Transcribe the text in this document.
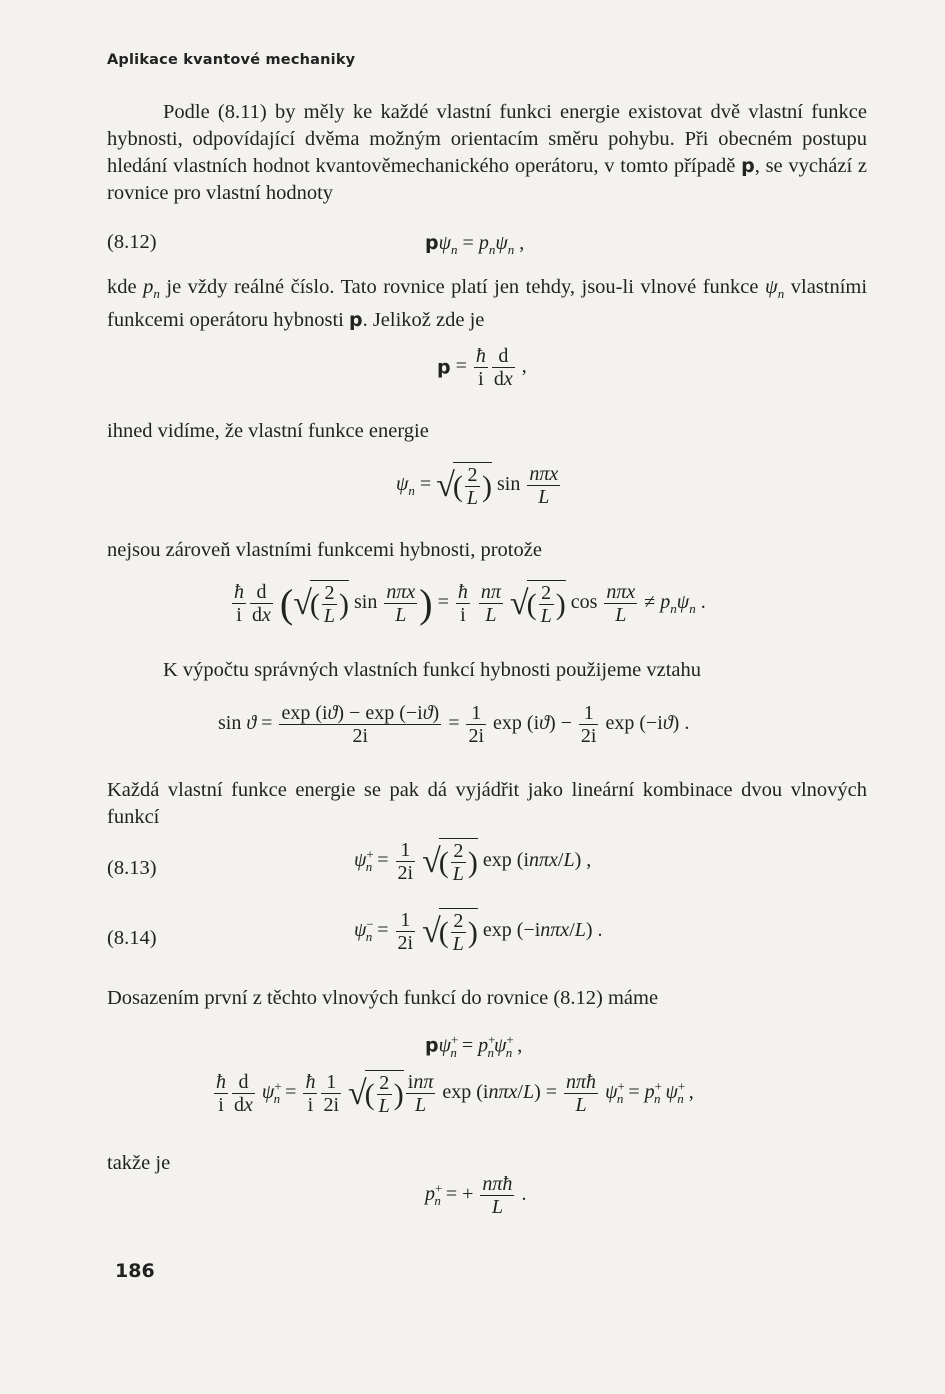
Aplikace kvantové mechaniky
Podle (8.11) by měly ke každé vlastní funkci energie existovat dvě vlastní funkce hybnosti, odpovídající dvěma možným orientacím směru pohybu. Při obecném postupu hledání vlastních hodnot kvantověmechanického operátoru, v tomto případě p, se vychází z rovnice pro vlastní hodnoty
(8.12)	$p\psi_n = p_n\psi_n$ ,
kde $p_n$ je vždy reálné číslo. Tato rovnice platí jen tehdy, jsou-li vlnové funkce $\psi_n$ vlastními funkcemi operátoru hybnosti p. Jelikož zde je
$p = \frac{ħ}{i} \frac{d}{dx}$ ,
ihned vidíme, že vlastní funkce energie
$\psi_n$ = √( $\frac{2}{L}$ ) $\sin \frac{\text{nπx}}{L}$
nejsou zároveň vlastními funkcemi hybnosti, protože
$\frac{ħ}{i} \frac{d}{dx}$ (√( $\frac{2}{L}$ ) $\sin \frac{\text{nπx}}{L}$ ) = $\frac{ħ}{i}$
$\frac{n\pi}{L}$ √( $\frac{2}{L}$ ) $\cos \frac{\text{nπx}}{L} \ne p_n\psi_n$ .
K výpočtu správných vlastních funkcí hybnosti použijeme vztahu
$\sin ϑ = \frac{\exp (iϑ) - \exp (-iϑ)}{2i} = \frac{1}{2i}$ $\exp (iϑ) - \frac{1}{2i}$ exp (−iϑ) .
Každá vlastní funkce energie se pak dá vyjádřit jako lineární kombinace dvou vlnových funkcí
(8.13)	$\psi^+_n = \frac{1}{2i}$ √( $\frac{2}{L}$ ) exp (inπx/L) ,
(8.14)	$\psi^-_n = \frac{1}{2i}$ √( $\frac{2}{L}$ ) exp (−inπx/L) .
Dosazením první z těchto vlnových funkcí do rovnice (8.12) máme
$p\psi^+_n = p^+_n\psi^+_n$ ,
$\frac{ħ}{i} \frac{d}{dx} \psi^+_n = \frac{ħ}{i} \frac{1}{2i}$ √( $\frac{2}{L}$ ) $\frac{\text{inπ}}{L}$ $\exp (in\pi x/L) = \frac{\text{nπħ}}{L} \psi^+_n = p^+_n$ $\psi^+_n$ ,
takže je
$p^+_n$ = + $\frac{\text{nπħ}}{L}$ .
186
